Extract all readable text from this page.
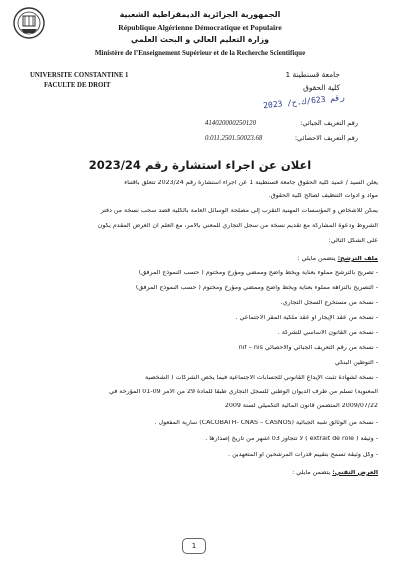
الجمهورية الجزائرية الديمقراطية الشعبية
République Algérienne Démocratique et Populaire
وزارة التعليم العالي و البحث العلمي
Ministère de l’Enseignement Supérieur et de la Recherche Scientifique
UNIVERSITE CONSTANTINE 1
FACULTE DE DROIT
جامعة قسنطينة 1
كلية الحقوق
رقم 623/ك.ح/ 2023
414020000250120	رقم التعريف الجبائي:
0.011.2501.50023.68	رقم التعريف الاحصائي:
اعلان عن اجراء استشارة رقم 2023/24
يعلن السيد / عميد كلية الحقوق جامعة قسنطينة 1 عن اجراء استشارة رقم 2023/24 تتعلق باقتناء
مواد و أدوات التنظيف لصالح كلية الحقوق.
يمكن للأشخاص و المؤسسات المهنية التقرب إلى مصلحة الوسائل العامة بالكلية قصد سحب نسخة من دفتر
الشروط ودعوة المشاركة مع تقديم نسخة من سجل التجاري للمعني بالأمر، مع العلم أن العرض المقدم يكون
على الشكل التالي:
ملف الترشح: يتضمن مايلي :
- تصريح بالترشح مملوء بعناية ويخط واضح وممضي ومؤرخ ومختوم ( حسب النموذج المرفق)
- التصريح بالنزاهة مملوء بعناية ويخط واضح وممضي ومؤرخ ومختوم ( حسب النموذج المرفق)
- نسخة من مستخرج السجل التجاري.
- نسخة من عقد الإيجار أو عقد ملكية المقر الاجتماعي .
- نسخة من القانون الأساسي للشركة .
- نسخة من رقم التعريف الجبائي والاحصائي nif – nis
- التوطين البنكي
- نسخة لشهادة تثبت الإيداع القانوني للحسابات الاجتماعية فيما يخص الشركات ( الشخصية
المعنوية) تسلم من طرف الديوان الوطني للسجل التجاري طبقا للمادة 29 من الأمر 09-01 المؤرخة في
2009/07/22 المتضمن قانون المالية التكميلي لسنة 2009
- نسخة من الوثائق شبه الجبائية (CACOBATH- CNAS – CASNOS) سارية المفعول .
- وثيقة ( extrait de rôle ) لا تتجاوز 03 أشهر من تاريخ إصدارها .
- وكل وثيقة تسمح بتقييم قدرات المرشحين أو المتعهدين .
العرض التقني: يتضمن مايلي :
1
